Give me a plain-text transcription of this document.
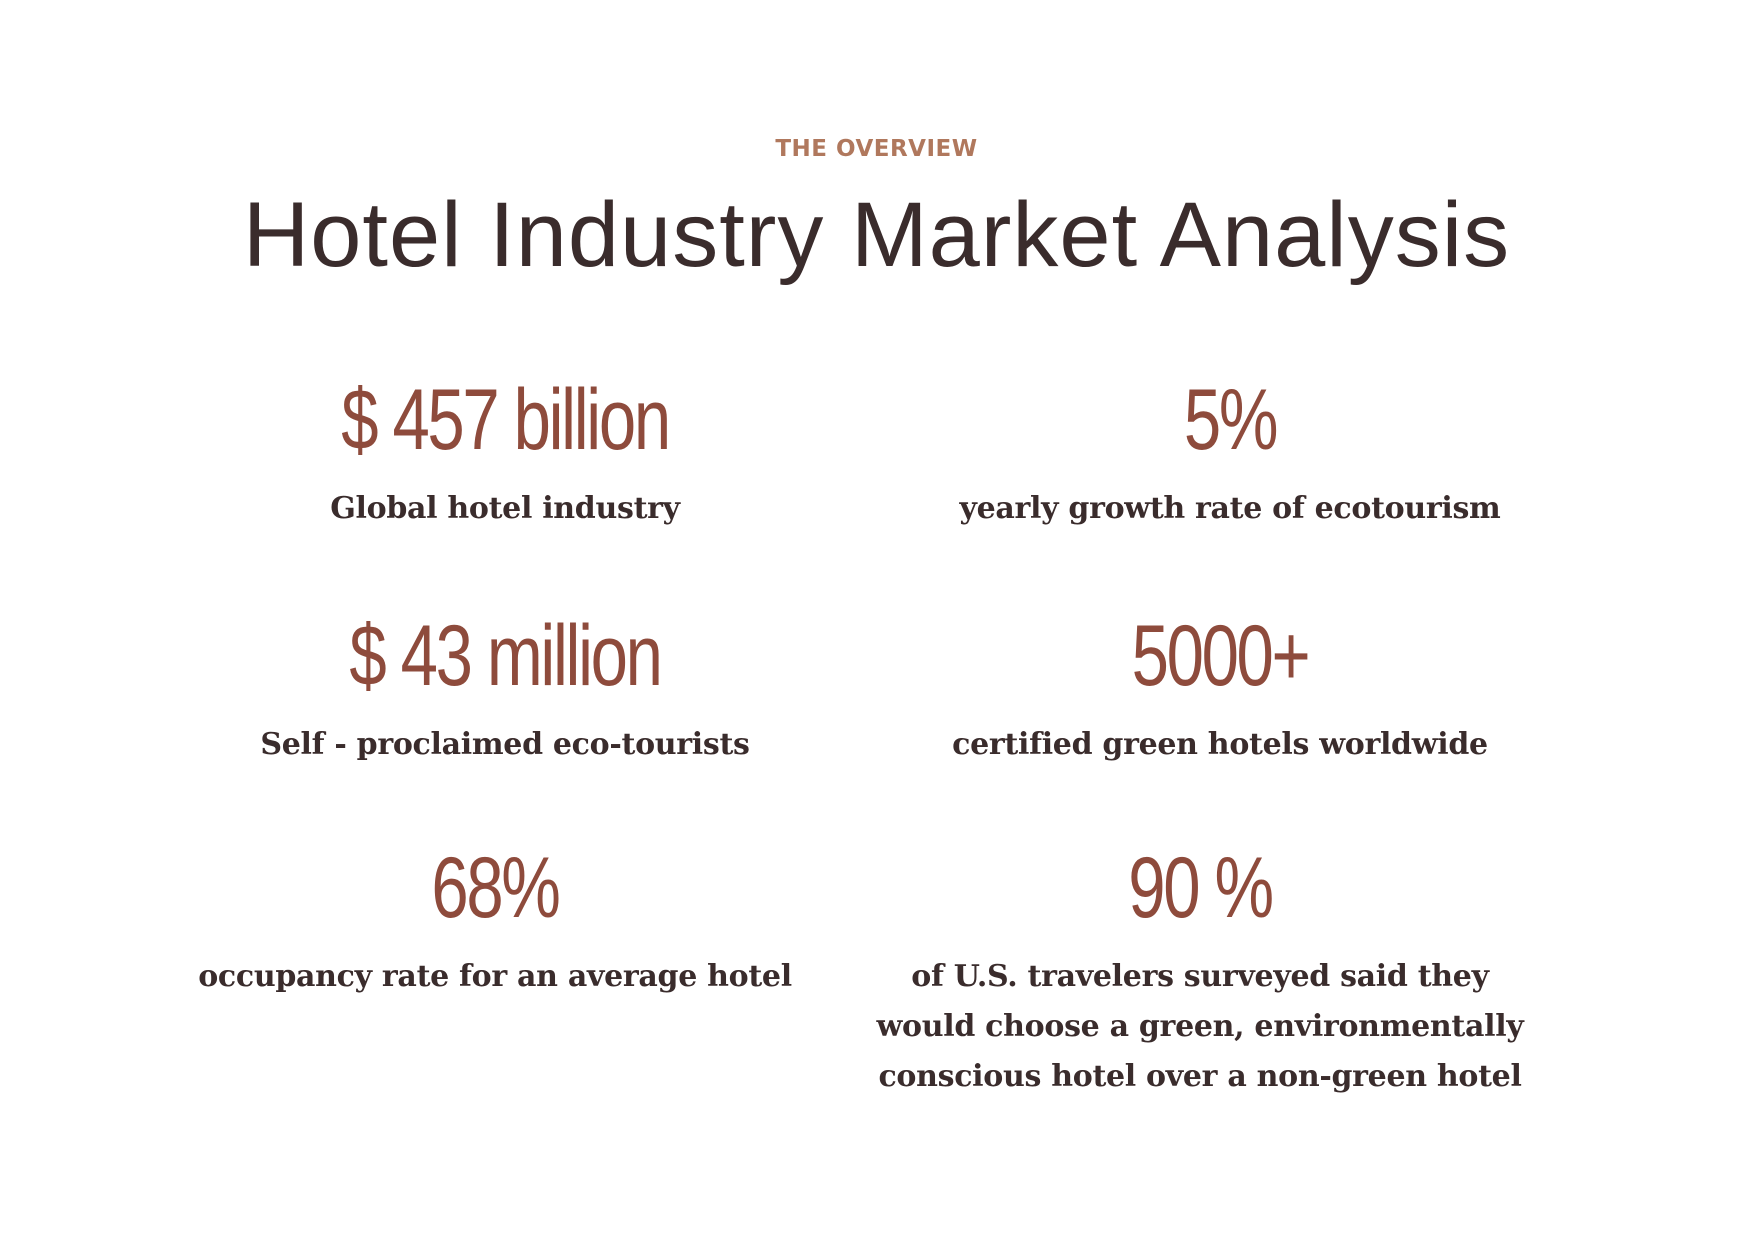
THE OVERVIEW
Hotel Industry Market Analysis
$ 457 billion
Global hotel industry
5%
yearly growth rate of ecotourism
$ 43 million
Self - proclaimed eco-tourists
5000+
certified green hotels worldwide
68%
occupancy rate for an average hotel
90 %
of U.S. travelers surveyed said they would choose a green, environmentally conscious hotel over a non-green hotel
